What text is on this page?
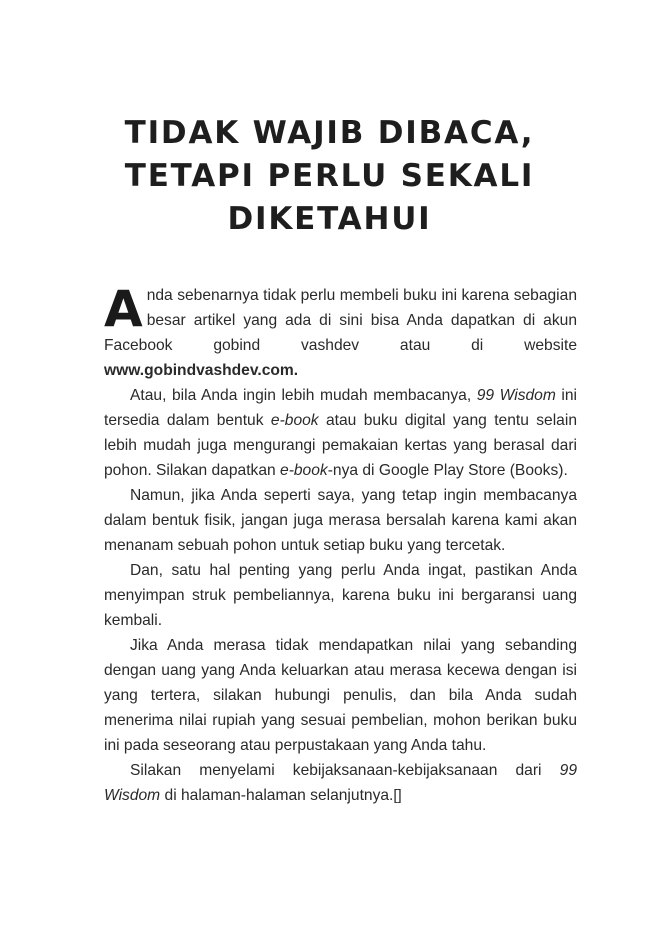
TIDAK WAJIB DIBACA,
TETAPI PERLU SEKALI
DIKETAHUI

Anda sebenarnya tidak perlu membeli buku ini karena sebagian besar artikel yang ada di sini bisa Anda dapatkan di akun Facebook gobind vashdev atau di website www.gobindvashdev.com.

Atau, bila Anda ingin lebih mudah membacanya, 99 Wisdom ini tersedia dalam bentuk e-book atau buku digital yang tentu selain lebih mudah juga mengurangi pemakaian kertas yang berasal dari pohon. Silakan dapatkan e-book-nya di Google Play Store (Books).

Namun, jika Anda seperti saya, yang tetap ingin membacanya dalam bentuk fisik, jangan juga merasa bersalah karena kami akan menanam sebuah pohon untuk setiap buku yang tercetak.

Dan, satu hal penting yang perlu Anda ingat, pastikan Anda menyimpan struk pembeliannya, karena buku ini bergaransi uang kembali.

Jika Anda merasa tidak mendapatkan nilai yang sebanding dengan uang yang Anda keluarkan atau merasa kecewa dengan isi yang tertera, silakan hubungi penulis, dan bila Anda sudah menerima nilai rupiah yang sesuai pembelian, mohon berikan buku ini pada seseorang atau perpustakaan yang Anda tahu.

Silakan menyelami kebijaksanaan-kebijaksanaan dari 99 Wisdom di halaman-halaman selanjutnya.[]
